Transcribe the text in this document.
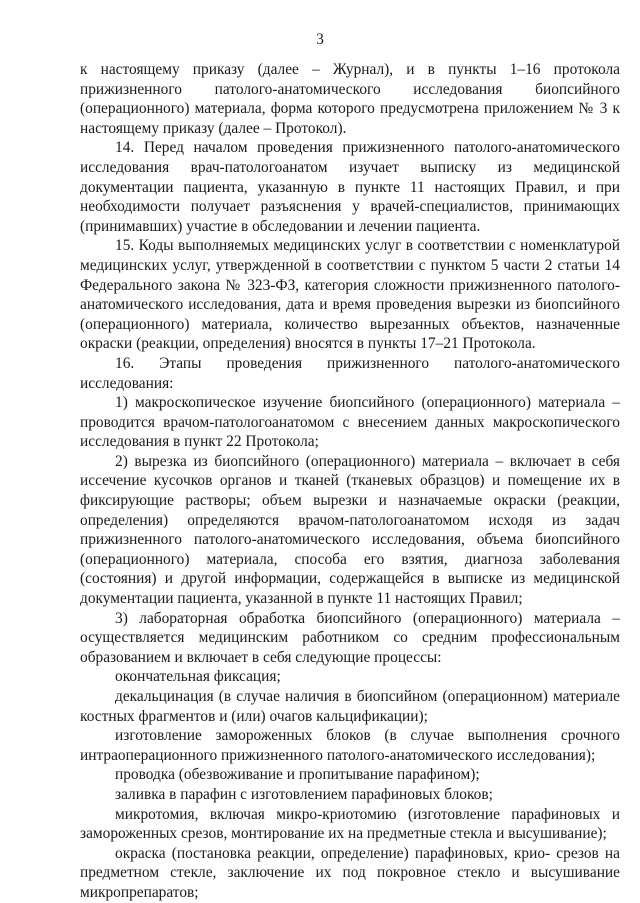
3

к настоящему приказу (далее – Журнал), и в пункты 1–16 протокола прижизненного патолого-анатомического исследования биопсийного (операционного) материала, форма которого предусмотрена приложением № 3 к настоящему приказу (далее – Протокол).

14. Перед началом проведения прижизненного патолого-анатомического исследования врач-патологоанатом изучает выписку из медицинской документации пациента, указанную в пункте 11 настоящих Правил, и при необходимости получает разъяснения у врачей-специалистов, принимающих (принимавших) участие в обследовании и лечении пациента.

15. Коды выполняемых медицинских услуг в соответствии с номенклатурой медицинских услуг, утвержденной в соответствии с пунктом 5 части 2 статьи 14 Федерального закона № 323-ФЗ, категория сложности прижизненного патолого-анатомического исследования, дата и время проведения вырезки из биопсийного (операционного) материала, количество вырезанных объектов, назначенные окраски (реакции, определения) вносятся в пункты 17–21 Протокола.

16. Этапы проведения прижизненного патолого-анатомического исследования:

1) макроскопическое изучение биопсийного (операционного) материала – проводится врачом-патологоанатомом с внесением данных макроскопического исследования в пункт 22 Протокола;

2) вырезка из биопсийного (операционного) материала – включает в себя иссечение кусочков органов и тканей (тканевых образцов) и помещение их в фиксирующие растворы; объем вырезки и назначаемые окраски (реакции, определения) определяются врачом-патологоанатомом исходя из задач прижизненного патолого-анатомического исследования, объема биопсийного (операционного) материала, способа его взятия, диагноза заболевания (состояния) и другой информации, содержащейся в выписке из медицинской документации пациента, указанной в пункте 11 настоящих Правил;

3) лабораторная обработка биопсийного (операционного) материала – осуществляется медицинским работником со средним профессиональным образованием и включает в себя следующие процессы:

окончательная фиксация;

декальцинация (в случае наличия в биопсийном (операционном) материале костных фрагментов и (или) очагов кальцификации);

изготовление замороженных блоков (в случае выполнения срочного интраоперационного прижизненного патолого-анатомического исследования);

проводка (обезвоживание и пропитывание парафином);

заливка в парафин с изготовлением парафиновых блоков;

микротомия, включая микро-криотомию (изготовление парафиновых и замороженных срезов, монтирование их на предметные стекла и высушивание);

окраска (постановка реакции, определение) парафиновых, крио- срезов на предметном стекле, заключение их под покровное стекло и высушивание микропрепаратов;
